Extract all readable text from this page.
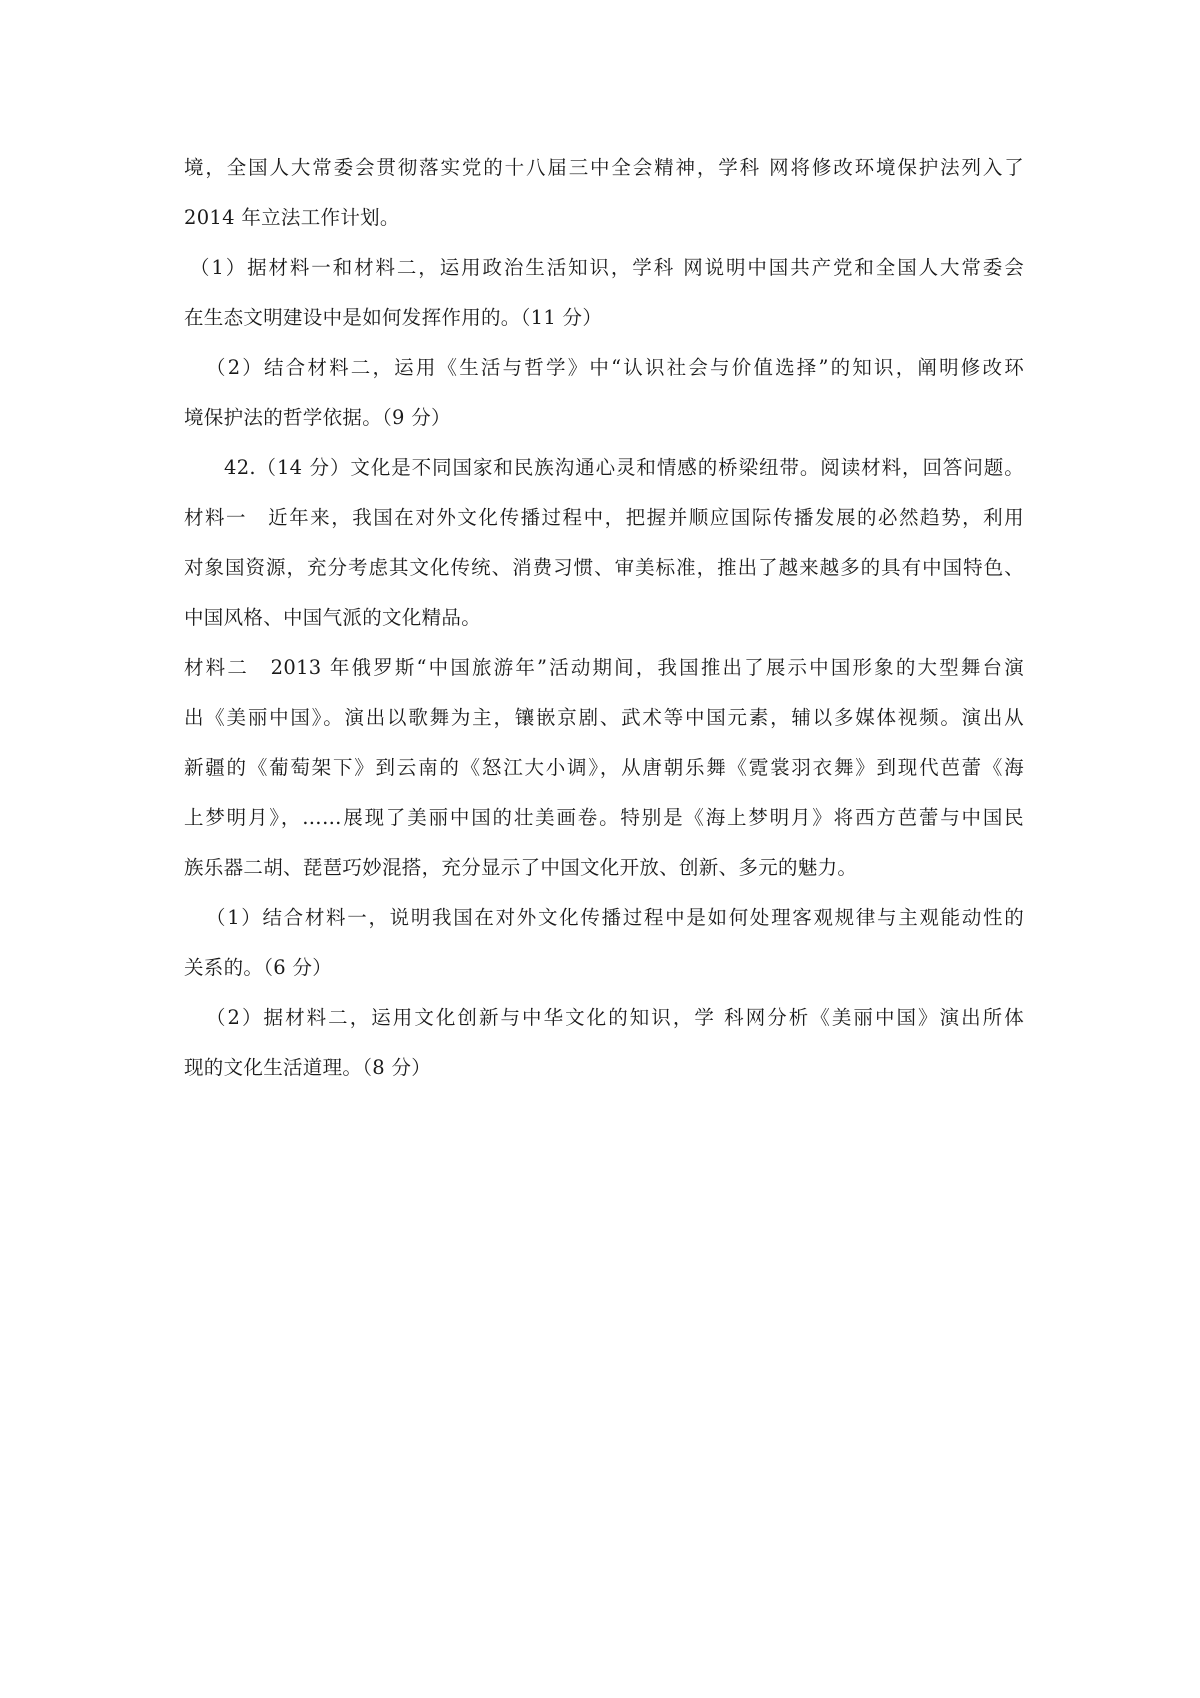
境，全国人大常委会贯彻落实党的十八届三中全会精神，学科 网将修改环境保护法列入了
2014 年立法工作计划。
（1）据材料一和材料二，运用政治生活知识，学科 网说明中国共产党和全国人大常委会
在生态文明建设中是如何发挥作用的。（11 分）
（2）结合材料二，运用《生活与哲学》中“认识社会与价值选择”的知识，阐明修改环
境保护法的哲学依据。（9 分）
42.（14 分）文化是不同国家和民族沟通心灵和情感的桥梁纽带。阅读材料，回答问题。
材料一　近年来，我国在对外文化传播过程中，把握并顺应国际传播发展的必然趋势，利用
对象国资源，充分考虑其文化传统、消费习惯、审美标准，推出了越来越多的具有中国特色、
中国风格、中国气派的文化精品。
材料二　2013 年俄罗斯“中国旅游年”活动期间，我国推出了展示中国形象的大型舞台演
出《美丽中国》。演出以歌舞为主，镶嵌京剧、武术等中国元素，辅以多媒体视频。演出从
新疆的《葡萄架下》到云南的《怒江大小调》，从唐朝乐舞《霓裳羽衣舞》到现代芭蕾《海
上梦明月》，……展现了美丽中国的壮美画卷。特别是《海上梦明月》将西方芭蕾与中国民
族乐器二胡、琵琶巧妙混搭，充分显示了中国文化开放、创新、多元的魅力。
（1）结合材料一，说明我国在对外文化传播过程中是如何处理客观规律与主观能动性的
关系的。（6 分）
（2）据材料二，运用文化创新与中华文化的知识，学 科网分析《美丽中国》演出所体
现的文化生活道理。（8 分）
